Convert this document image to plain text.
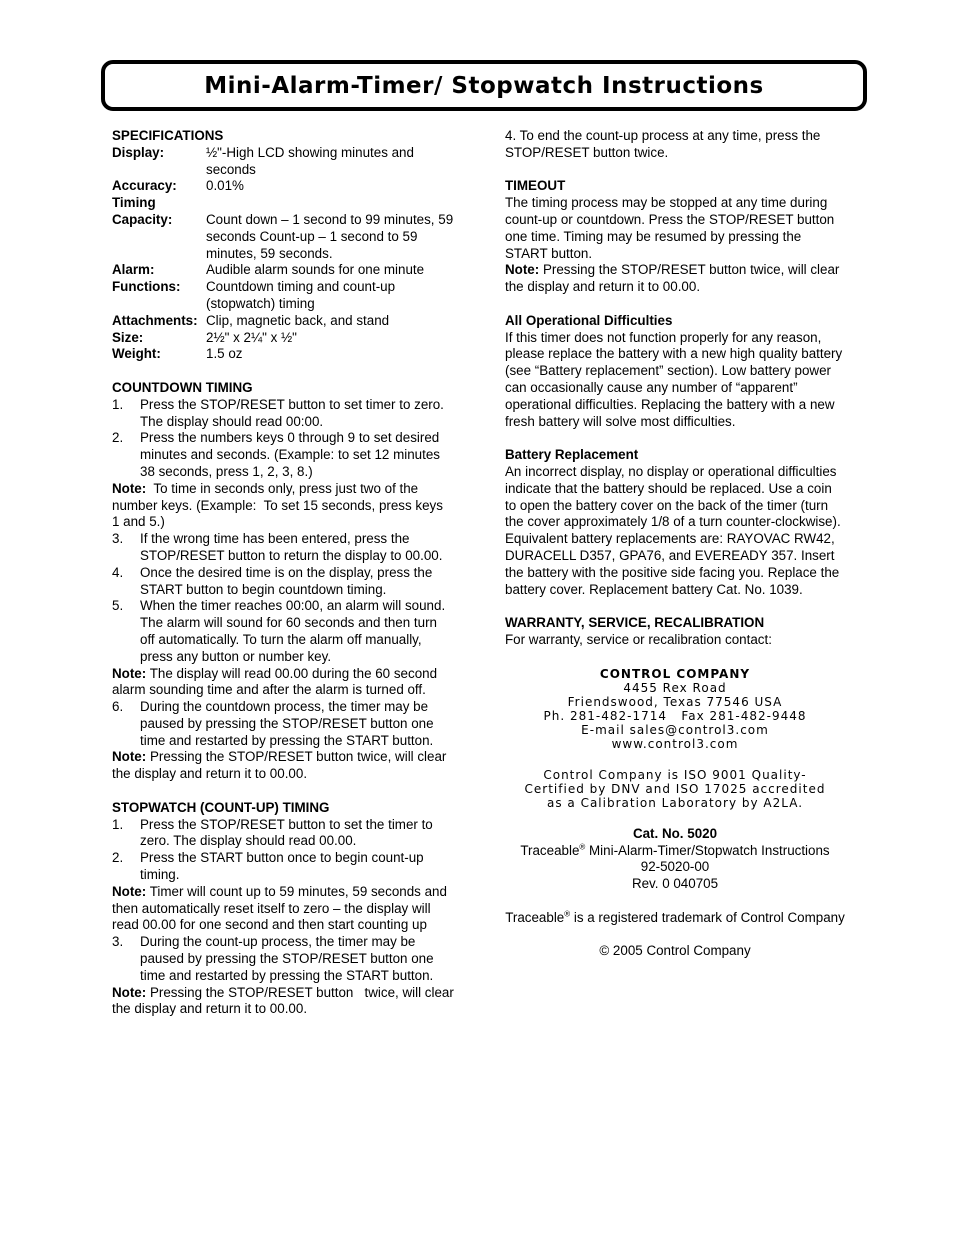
Mini-Alarm-Timer/ Stopwatch Instructions
SPECIFICATIONS
Display:	½"-High LCD showing minutes and seconds
Accuracy:	0.01%
Timing
Capacity:	Count down – 1 second to 99 minutes, 59 seconds Count-up – 1 second to 59 minutes, 59 seconds.
Alarm:	Audible alarm sounds for one minute
Functions:	Countdown timing and count-up (stopwatch) timing
Attachments: Clip, magnetic back, and stand
Size:	2½" x 2¼" x ½"
Weight:	1.5 oz
COUNTDOWN TIMING
1.	Press the STOP/RESET button to set timer to zero. The display should read 00:00.
2.	Press the numbers keys 0 through 9 to set desired minutes and seconds. (Example: to set 12 minutes 38 seconds, press 1, 2, 3, 8.)
Note:  To time in seconds only, press just two of the number keys. (Example:  To set 15 seconds, press keys 1 and 5.)
3.	If the wrong time has been entered, press the STOP/RESET button to return the display to 00.00.
4.	Once the desired time is on the display, press the START button to begin countdown timing.
5.	When the timer reaches 00:00, an alarm will sound. The alarm will sound for 60 seconds and then turn off automatically. To turn the alarm off manually, press any button or number key.
Note: The display will read 00.00 during the 60 second alarm sounding time and after the alarm is turned off.
6.	During the countdown process, the timer may be paused by pressing the STOP/RESET button one time and restarted by pressing the START button.
Note: Pressing the STOP/RESET button twice, will clear the display and return it to 00.00.
STOPWATCH (COUNT-UP) TIMING
1.	Press the STOP/RESET button to set the timer to zero. The display should read 00.00.
2.	Press the START button once to begin count-up timing.
Note: Timer will count up to 59 minutes, 59 seconds and then automatically reset itself to zero – the display will read 00.00 for one second and then start counting up
3.	During the count-up process, the timer may be paused by pressing the STOP/RESET button one time and restarted by pressing the START button.
Note: Pressing the STOP/RESET button   twice, will clear the display and return it to 00.00.
4. To end the count-up process at any time, press the STOP/RESET button twice.
TIMEOUT
The timing process may be stopped at any time during count-up or countdown. Press the STOP/RESET button one time. Timing may be resumed by pressing the START button.
Note: Pressing the STOP/RESET button twice, will clear the display and return it to 00.00.
All Operational Difficulties
If this timer does not function properly for any reason, please replace the battery with a new high quality battery (see “Battery replacement” section). Low battery power can occasionally cause any number of “apparent” operational difficulties. Replacing the battery with a new fresh battery will solve most difficulties.
Battery Replacement
An incorrect display, no display or operational difficulties indicate that the battery should be replaced. Use a coin to open the battery cover on the back of the timer (turn the cover approximately 1/8 of a turn counter-clockwise). Equivalent battery replacements are: RAYOVAC RW42, DURACELL D357, GPA76, and EVEREADY 357. Insert the battery with the positive side facing you. Replace the battery cover. Replacement battery Cat. No. 1039.
WARRANTY, SERVICE, RECALIBRATION
For warranty, service or recalibration contact:
CONTROL COMPANY
4455 Rex Road
Friendswood, Texas 77546 USA
Ph. 281-482-1714   Fax 281-482-9448
E-mail sales@control3.com
www.control3.com
Control Company is ISO 9001 Quality-Certified by DNV and ISO 17025 accredited as a Calibration Laboratory by A2LA.
Cat. No. 5020
Traceable® Mini-Alarm-Timer/Stopwatch Instructions
92-5020-00
Rev. 0 040705
Traceable® is a registered trademark of Control Company
© 2005 Control Company
